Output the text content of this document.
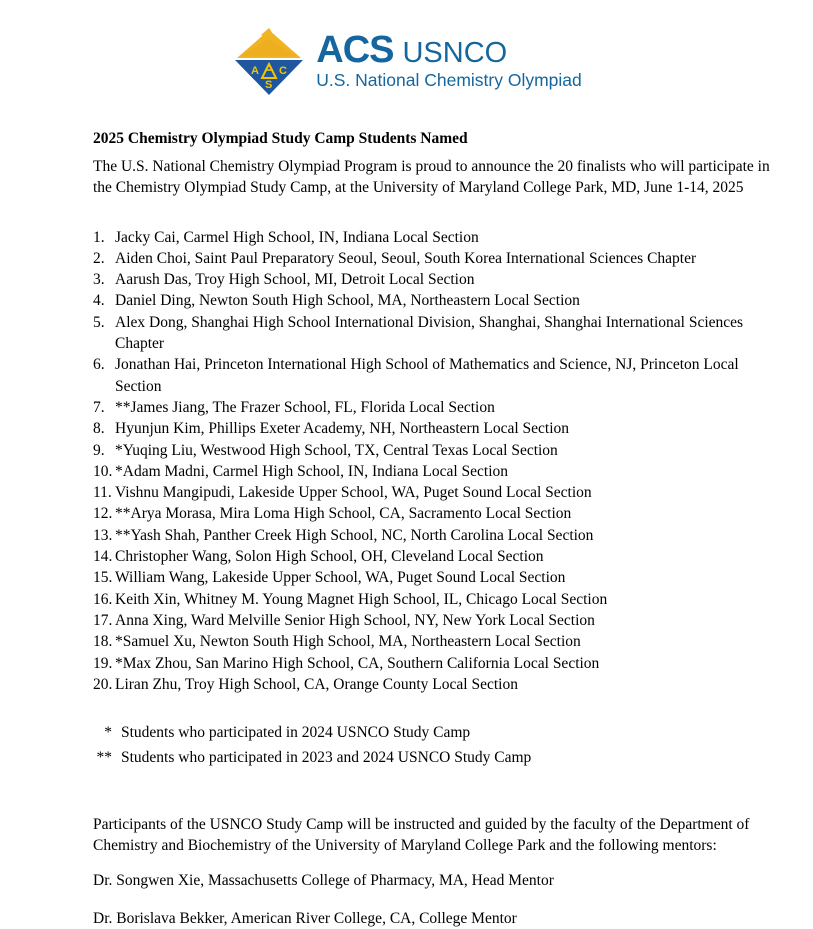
A C
S
ACS USNCO
U.S. National Chemistry Olympiad
2025 Chemistry Olympiad Study Camp Students Named

The U.S. National Chemistry Olympiad Program is proud to announce the 20 finalists who will participate in the Chemistry Olympiad Study Camp, at the University of Maryland College Park, MD, June 1-14, 2025

1. Jacky Cai, Carmel High School, IN, Indiana Local Section
2. Aiden Choi, Saint Paul Preparatory Seoul, Seoul, South Korea International Sciences Chapter
3. Aarush Das, Troy High School, MI, Detroit Local Section
4. Daniel Ding, Newton South High School, MA, Northeastern Local Section
5. Alex Dong, Shanghai High School International Division, Shanghai, Shanghai International Sciences Chapter
6. Jonathan Hai, Princeton International High School of Mathematics and Science, NJ, Princeton Local Section
7. **James Jiang, The Frazer School, FL, Florida Local Section
8. Hyunjun Kim, Phillips Exeter Academy, NH, Northeastern Local Section
9. *Yuqing Liu, Westwood High School, TX, Central Texas Local Section
10. *Adam Madni, Carmel High School, IN, Indiana Local Section
11. Vishnu Mangipudi, Lakeside Upper School, WA, Puget Sound Local Section
12. **Arya Morasa, Mira Loma High School, CA, Sacramento Local Section
13. **Yash Shah, Panther Creek High School, NC, North Carolina Local Section
14. Christopher Wang, Solon High School, OH, Cleveland Local Section
15. William Wang, Lakeside Upper School, WA, Puget Sound Local Section
16. Keith Xin, Whitney M. Young Magnet High School, IL, Chicago Local Section
17. Anna Xing, Ward Melville Senior High School, NY, New York Local Section
18. *Samuel Xu, Newton South High School, MA, Northeastern Local Section
19. *Max Zhou, San Marino High School, CA, Southern California Local Section
20. Liran Zhu, Troy High School, CA, Orange County Local Section
* Students who participated in 2024 USNCO Study Camp
** Students who participated in 2023 and 2024 USNCO Study Camp

Participants of the USNCO Study Camp will be instructed and guided by the faculty of the Department of Chemistry and Biochemistry of the University of Maryland College Park and the following mentors:

Dr. Songwen Xie, Massachusetts College of Pharmacy, MA, Head Mentor

Dr. Borislava Bekker, American River College, CA, College Mentor
